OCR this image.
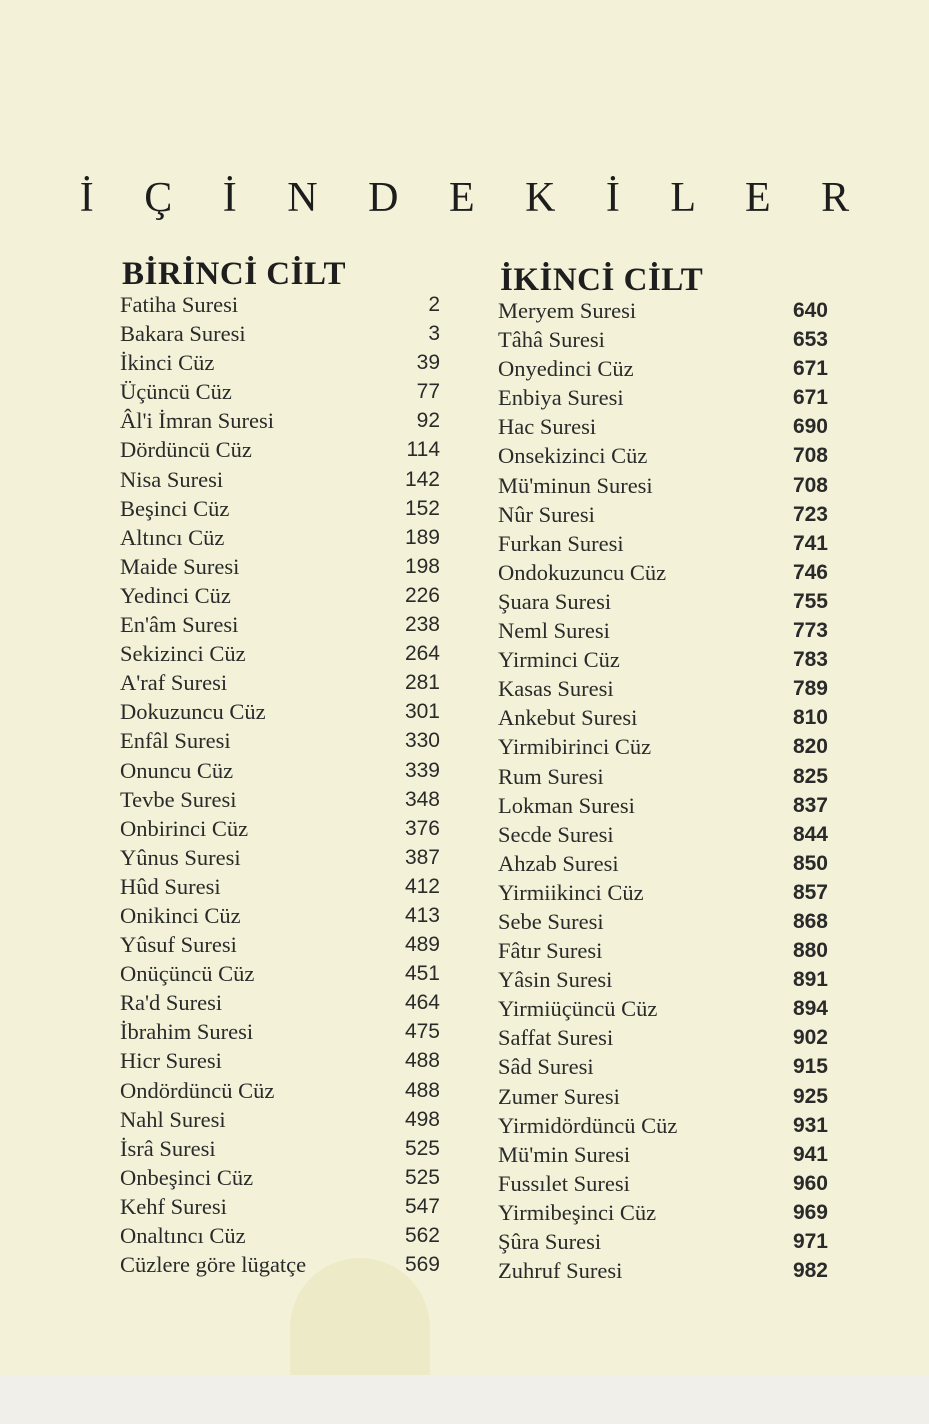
İ Ç İ N D E K İ L E R
BİRİNCİ CİLT	İKİNCİ CİLT
Fatiha Suresi	2
Bakara Suresi	3
İkinci Cüz	39
Üçüncü Cüz	77
Âl'i İmran Suresi	92
Dördüncü Cüz	114
Nisa Suresi	142
Beşinci Cüz	152
Altıncı Cüz	189
Maide Suresi	198
Yedinci Cüz	226
En'âm Suresi	238
Sekizinci Cüz	264
A'raf Suresi	281
Dokuzuncu Cüz	301
Enfâl Suresi	330
Onuncu Cüz	339
Tevbe Suresi	348
Onbirinci Cüz	376
Yûnus Suresi	387
Hûd Suresi	412
Onikinci Cüz	413
Yûsuf Suresi	489
Onüçüncü Cüz	451
Ra'd Suresi	464
İbrahim Suresi	475
Hicr Suresi	488
Ondördüncü Cüz	488
Nahl Suresi	498
İsrâ Suresi	525
Onbeşinci Cüz	525
Kehf Suresi	547
Onaltıncı Cüz	562
Cüzlere göre lügatçe	569
Meryem Suresi	640
Tâhâ Suresi	653
Onyedinci Cüz	671
Enbiya Suresi	671
Hac Suresi	690
Onsekizinci Cüz	708
Mü'minun Suresi	708
Nûr Suresi	723
Furkan Suresi	741
Ondokuzuncu Cüz	746
Şuara Suresi	755
Neml Suresi	773
Yirminci Cüz	783
Kasas Suresi	789
Ankebut Suresi	810
Yirmibirinci Cüz	820
Rum Suresi	825
Lokman Suresi	837
Secde Suresi	844
Ahzab Suresi	850
Yirmiikinci Cüz	857
Sebe Suresi	868
Fâtır Suresi	880
Yâsin Suresi	891
Yirmiüçüncü Cüz	894
Saffat Suresi	902
Sâd Suresi	915
Zumer Suresi	925
Yirmidördüncü Cüz	931
Mü'min Suresi	941
Fussılet Suresi	960
Yirmibeşinci Cüz	969
Şûra Suresi	971
Zuhruf Suresi	982
